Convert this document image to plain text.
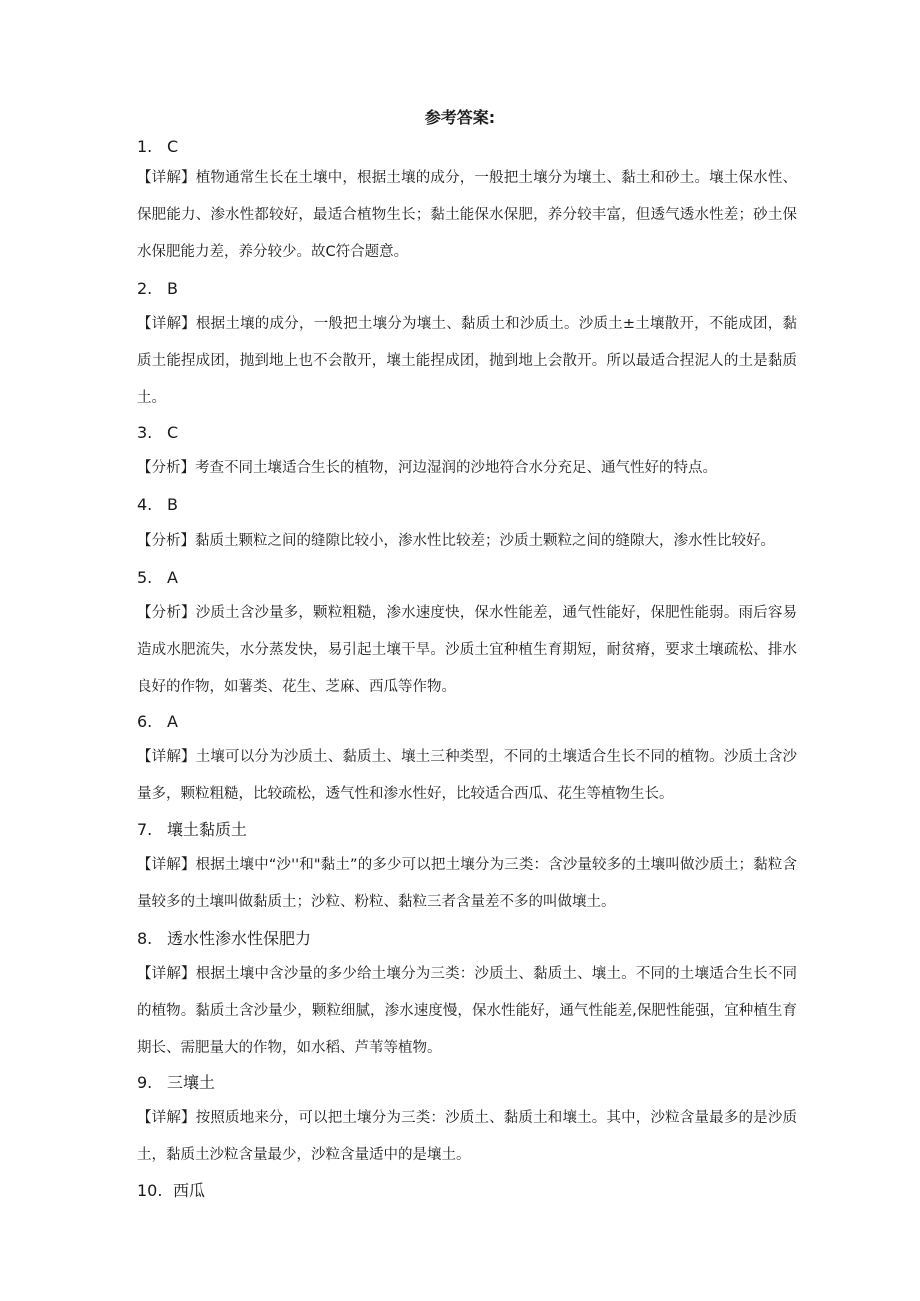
参考答案:
1. C
【详解】植物通常生长在土壤中，根据土壤的成分，一般把土壤分为壤土、黏土和砂土。壤土保水性、保肥能力、渗水性都较好，最适合植物生长；黏土能保水保肥，养分较丰富，但透气透水性差；砂土保水保肥能力差，养分较少。故C符合题意。
2. B
【详解】根据土壤的成分，一般把土壤分为壤土、黏质土和沙质土。沙质土±土壤散开，不能成团，黏质土能捏成团，抛到地上也不会散开，壤土能捏成团，抛到地上会散开。所以最适合捏泥人的土是黏质土。
3. C
【分析】考查不同土壤适合生长的植物，河边湿润的沙地符合水分充足、通气性好的特点。
4. B
【分析】黏质土颗粒之间的缝隙比较小，渗水性比较差；沙质土颗粒之间的缝隙大，渗水性比较好。
5. A
【分析】沙质土含沙量多，颗粒粗糙，渗水速度快，保水性能差，通气性能好，保肥性能弱。雨后容易造成水肥流失，水分蒸发快，易引起土壤干旱。沙质土宜种植生育期短，耐贫瘠，要求土壤疏松、排水良好的作物，如薯类、花生、芝麻、西瓜等作物。
6. A
【详解】土壤可以分为沙质土、黏质土、壤土三种类型，不同的土壤适合生长不同的植物。沙质土含沙量多，颗粒粗糙，比较疏松，透气性和渗水性好，比较适合西瓜、花生等植物生长。
7. 壤土黏质土
【详解】根据土壤中“沙''和"黏土”的多少可以把土壤分为三类：含沙量较多的土壤叫做沙质土；黏粒含量较多的土壤叫做黏质土；沙粒、粉粒、黏粒三者含量差不多的叫做壤土。
8. 透水性渗水性保肥力
【详解】根据土壤中含沙量的多少给土壤分为三类：沙质土、黏质土、壤土。不同的土壤适合生长不同的植物。黏质土含沙量少，颗粒细腻，渗水速度慢，保水性能好，通气性能差,保肥性能强，宜种植生育期长、需肥量大的作物，如水稻、芦苇等植物。
9. 三壤土
【详解】按照质地来分，可以把土壤分为三类：沙质土、黏质土和壤土。其中，沙粒含量最多的是沙质土，黏质土沙粒含量最少，沙粒含量适中的是壤土。
10. 西瓜
